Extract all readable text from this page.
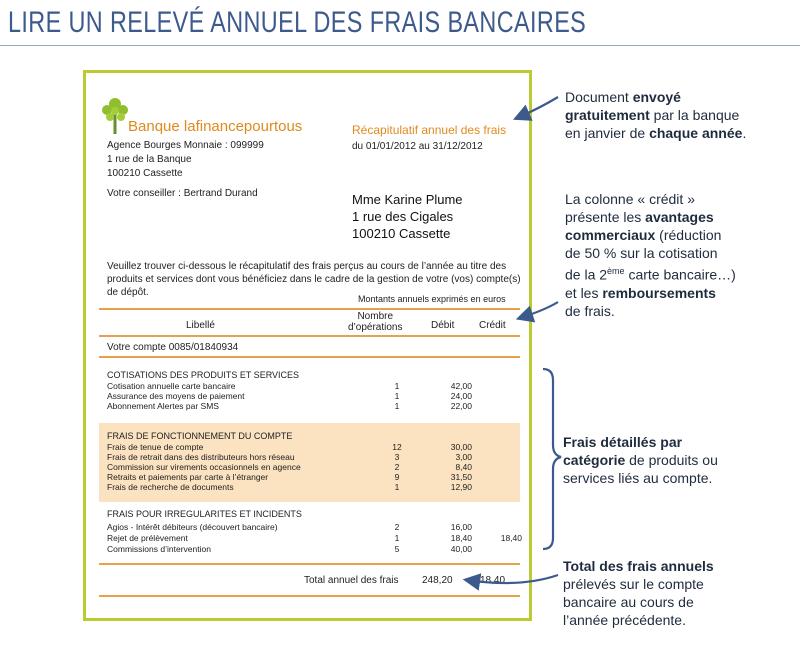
LIRE UN RELEVÉ ANNUEL DES FRAIS BANCAIRES
Banque lafinancepourtous
Agence Bourges Monnaie : 099999
1 rue de la Banque
100210 Cassette
Récapitulatif annuel des frais
du 01/01/2012 au 31/12/2012
Votre conseiller : Bertrand Durand	Mme Karine Plume
1 rue des Cigales
100210 Cassette
Veuillez trouver ci-dessous le récapitulatif des frais perçus au cours de l’année au titre des produits et services dont vous bénéficiez dans le cadre de la gestion de votre (vos) compte(s) de dépôt.
Montants annuels exprimés en euros
Libellé
Nombre
d’opérations	Débit Crédit
Votre compte 0085/01840934
COTISATIONS DES PRODUITS ET SERVICES
Cotisation annuelle carte bancaire	1	42,00
Assurance des moyens de paiement	1	24,00
Abonnement Alertes par SMS	1	22,00
FRAIS DE FONCTIONNEMENT DU COMPTE
Frais de tenue de compte	12	30,00
Frais de retrait dans des distributeurs hors réseau	3	3,00
Commission sur virements occasionnels en agence	2	8,40
Retraits et paiements par carte à l’étranger	9	31,50
Frais de recherche de documents	1	12,90
FRAIS POUR IRREGULARITES ET INCIDENTS
Agios - Intérêt débiteurs (découvert bancaire)	2	16,00
Rejet de prélèvement	1	18,40	18,40
Commissions d’intervention	5	40,00
Total annuel des frais 248,20	18,40
Document envoyé
gratuitement par la banque
en janvier de chaque année.
La colonne « crédit »
présente les avantages
commerciaux (réduction
de 50 % sur la cotisation
de la 2ème carte bancaire…)
et les remboursements
de frais.
Frais détaillés par
catégorie de produits ou
services liés au compte.
Total des frais annuels
prélevés sur le compte
bancaire au cours de
l’année précédente.
